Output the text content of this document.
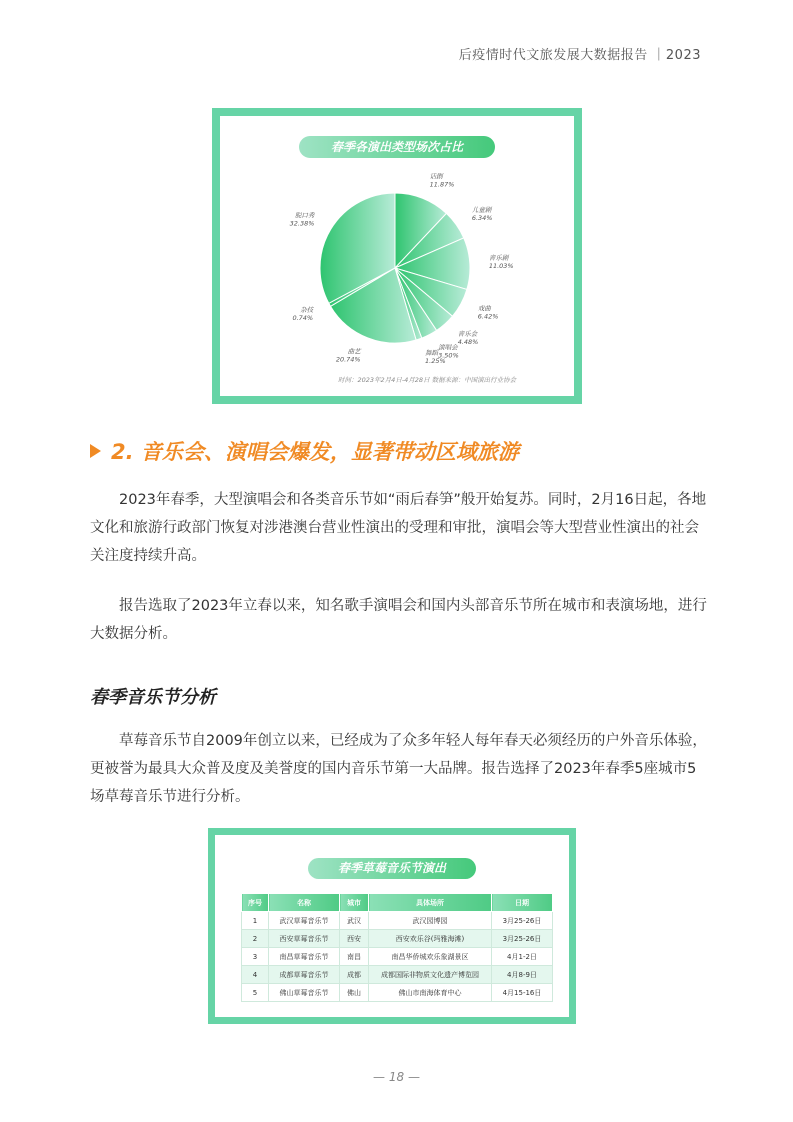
后疫情时代文旅发展大数据报告 ｜2023
春季各演出类型场次占比
话剧
11.87%
儿童剧
6.34%
音乐剧
11.03%
戏曲
6.42%
音乐会
4.48%
演唱会
3.50%
舞蹈
1.25%
曲艺
20.74%
杂技
0.74%
脱口秀
32.38%
时间：2023年2月4日-4月28日 数据来源：中国演出行业协会
2. 音乐会、演唱会爆发，显著带动区域旅游

2023年春季，大型演唱会和各类音乐节如“雨后春笋”般开始复苏。同时，2月16日起，各地文化和旅游行政部门恢复对涉港澳台营业性演出的受理和审批，演唱会等大型营业性演出的社会关注度持续升高。

报告选取了2023年立春以来，知名歌手演唱会和国内头部音乐节所在城市和表演场地，进行大数据分析。

春季音乐节分析

草莓音乐节自2009年创立以来，已经成为了众多年轻人每年春天必须经历的户外音乐体验，更被誉为最具大众普及度及美誉度的国内音乐节第一大品牌。报告选择了2023年春季5座城市5场草莓音乐节进行分析。

春季草莓音乐节演出
序号	名称	城市	具体场所	日期
1	武汉草莓音乐节	武汉	武汉园博园	3月25-26日
2	西安草莓音乐节	西安	西安欢乐谷(玛雅海滩)	3月25-26日
3	南昌草莓音乐节	南昌	南昌华侨城欢乐象湖景区	4月1-2日
4	成都草莓音乐节	成都	成都国际非物质文化遗产博览园	4月8-9日
5	佛山草莓音乐节	佛山	佛山市南海体育中心	4月15-16日
— 18 —
